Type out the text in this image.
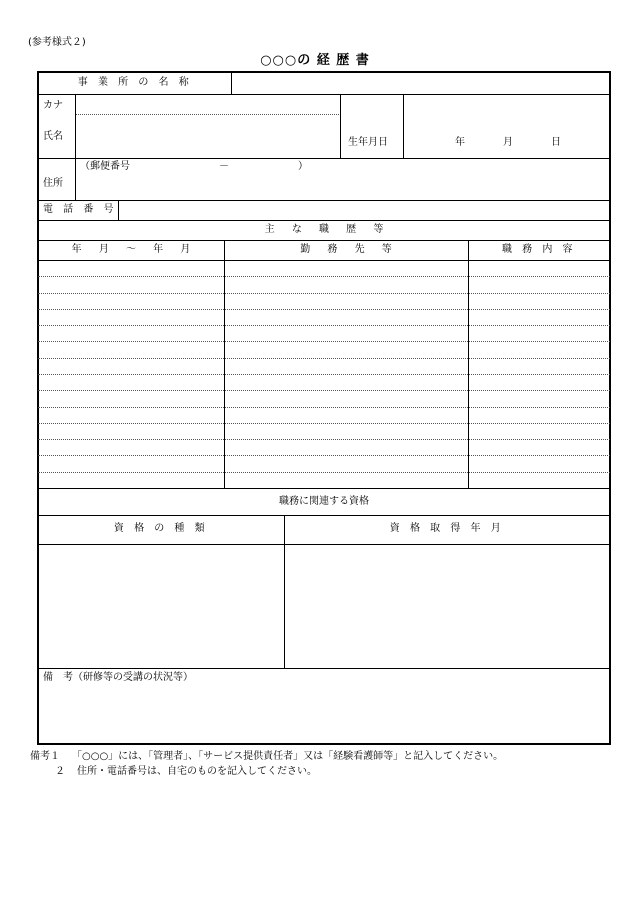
(参考様式２)
○○○の 経 歴 書
事 業 所 の 名 称
カナ
氏名
生年月日	年	月	日
（郵便番号	－	）
住所
電 話 番 号
主 な 職 歴 等
年 月 ～ 年 月	勤 務 先 等	職 務 内 容
職務に関連する資格
資 格 の 種 類	資 格 取 得 年 月
備　考（研修等の受講の状況等）
備考１ 「○○○」には、「管理者」、「サービス提供責任者」又は「経験看護師等」と記入してください。
２ 住所・電話番号は、自宅のものを記入してください。
